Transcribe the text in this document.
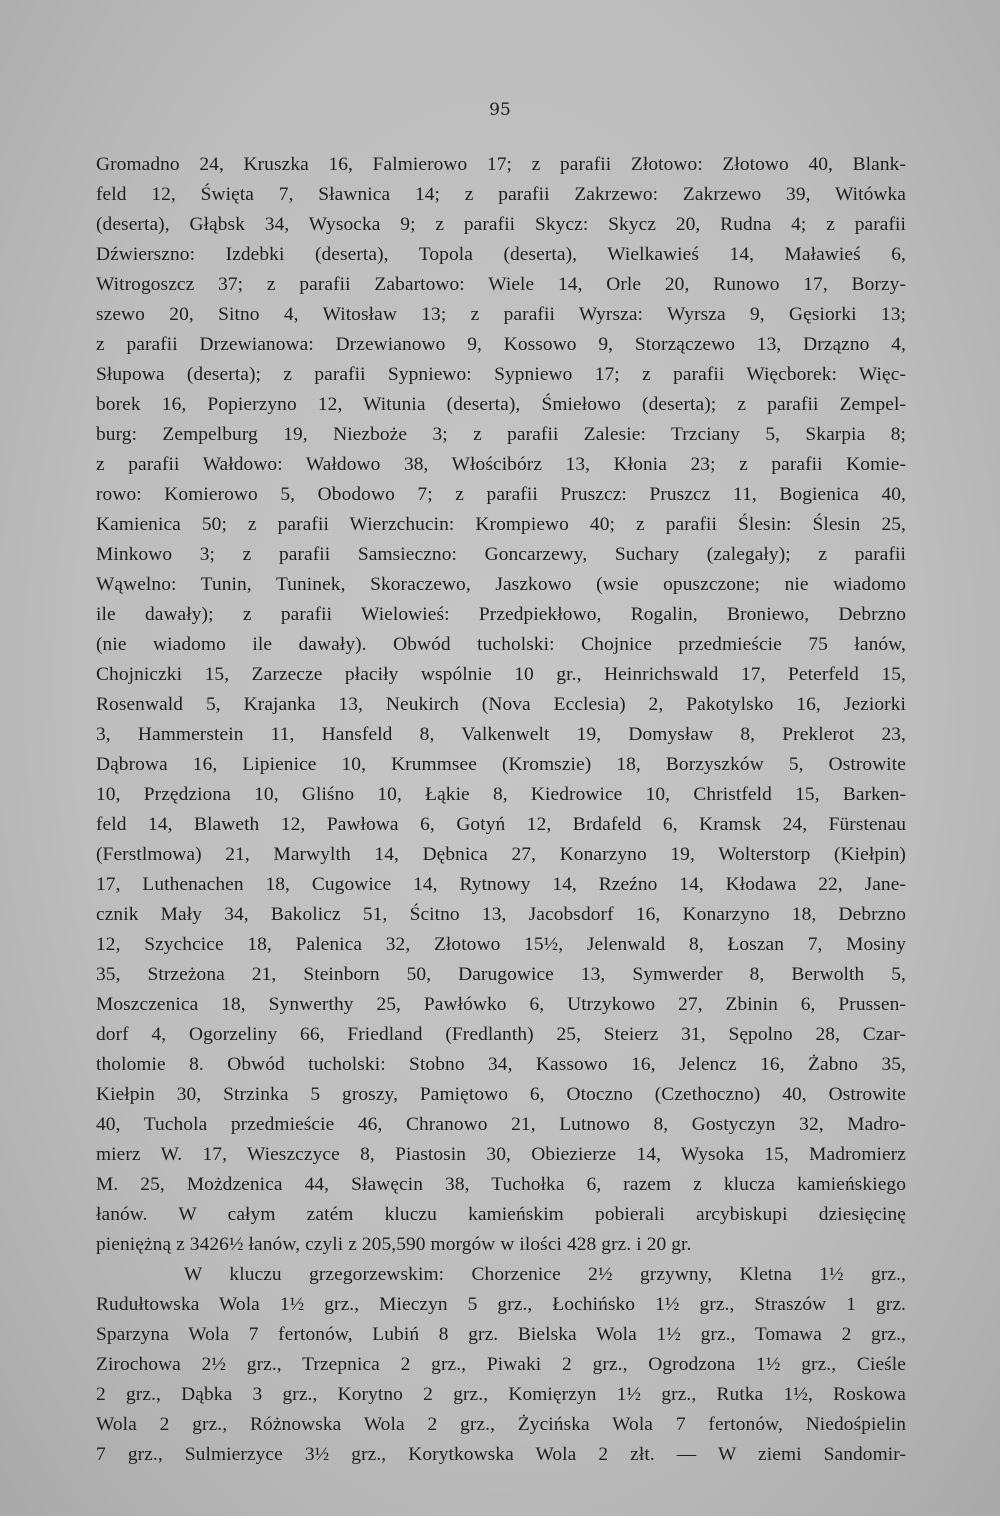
95
Gromadno 24, Kruszka 16, Falmierowo 17; z parafii Złotowo: Złotowo 40, Blank-
feld 12, Święta 7, Sławnica 14; z parafii Zakrzewo: Zakrzewo 39, Witówka
(deserta), Głąbsk 34, Wysocka 9; z parafii Skycz: Skycz 20, Rudna 4; z parafii
Dźwierszno: Izdebki (deserta), Topola (deserta), Wielkawieś 14, Maławieś 6,
Witrogoszcz 37; z parafii Zabartowo: Wiele 14, Orle 20, Runowo 17, Borzy-
szewo 20, Sitno 4, Witosław 13; z parafii Wyrsza: Wyrsza 9, Gęsiorki 13;
z parafii Drzewianowa: Drzewianowo 9, Kossowo 9, Storzączewo 13, Drzązno 4,
Słupowa (deserta); z parafii Sypniewo: Sypniewo 17; z parafii Więcborek: Więc-
borek 16, Popierzyno 12, Witunia (deserta), Śmiełowo (deserta); z parafii Zempel-
burg: Zempelburg 19, Niezboże 3; z parafii Zalesie: Trzciany 5, Skarpia 8;
z parafii Wałdowo: Wałdowo 38, Włościbórz 13, Kłonia 23; z parafii Komie-
rowo: Komierowo 5, Obodowo 7; z parafii Pruszcz: Pruszcz 11, Bogienica 40,
Kamienica 50; z parafii Wierzchucin: Krompiewo 40; z parafii Ślesin: Ślesin 25,
Minkowo 3; z parafii Samsieczno: Goncarzewy, Suchary (zalegały); z parafii
Wąwelno: Tunin, Tuninek, Skoraczewo, Jaszkowo (wsie opuszczone; nie wiadomo
ile dawały); z parafii Wielowieś: Przedpiekłowo, Rogalin, Broniewo, Debrzno
(nie wiadomo ile dawały). Obwód tucholski: Chojnice przedmieście 75 łanów,
Chojniczki 15, Zarzecze płaciły wspólnie 10 gr., Heinrichswald 17, Peterfeld 15,
Rosenwald 5, Krajanka 13, Neukirch (Nova Ecclesia) 2, Pakotylsko 16, Jeziorki
3, Hammerstein 11, Hansfeld 8, Valkenwelt 19, Domysław 8, Preklerot 23,
Dąbrowa 16, Lipienice 10, Krummsee (Kromszie) 18, Borzyszków 5, Ostrowite
10, Przędziona 10, Gliśno 10, Łąkie 8, Kiedrowice 10, Christfeld 15, Barken-
feld 14, Blaweth 12, Pawłowa 6, Gotyń 12, Brdafeld 6, Kramsk 24, Fürstenau
(Ferstlmowa) 21, Marwylth 14, Dębnica 27, Konarzyno 19, Wolterstorp (Kiełpin)
17, Luthenachen 18, Cugowice 14, Rytnowy 14, Rzeźno 14, Kłodawa 22, Jane-
cznik Mały 34, Bakolicz 51, Ścitno 13, Jacobsdorf 16, Konarzyno 18, Debrzno
12, Szychcice 18, Palenica 32, Złotowo 15½, Jelenwald 8, Łoszan 7, Mosiny
35, Strzeżona 21, Steinborn 50, Darugowice 13, Symwerder 8, Berwolth 5,
Moszczenica 18, Synwerthy 25, Pawłówko 6, Utrzykowo 27, Zbinin 6, Prussen-
dorf 4, Ogorzeliny 66, Friedland (Fredlanth) 25, Steierz 31, Sępolno 28, Czar-
tholomie 8. Obwód tucholski: Stobno 34, Kassowo 16, Jelencz 16, Żabno 35,
Kiełpin 30, Strzinka 5 groszy, Pamiętowo 6, Otoczno (Czethoczno) 40, Ostrowite
40, Tuchola przedmieście 46, Chranowo 21, Lutnowo 8, Gostyczyn 32, Madro-
mierz W. 17, Wieszczyce 8, Piastosin 30, Obiezierze 14, Wysoka 15, Madromierz
M. 25, Możdzenica 44, Sławęcin 38, Tuchołka 6, razem z klucza kamieńskiego
łanów. W całym zatém kluczu kamieńskim pobierali arcybiskupi dziesięcinę
pieniężną z 3426½ łanów, czyli z 205,590 morgów w ilości 428 grz. i 20 gr.
W kluczu grzegorzewskim: Chorzenice 2½ grzywny, Kletna 1½ grz.,
Rudułtowska Wola 1½ grz., Mieczyn 5 grz., Łochińsko 1½ grz., Straszów 1 grz.
Sparzyna Wola 7 fertonów, Lubiń 8 grz. Bielska Wola 1½ grz., Tomawa 2 grz.,
Zirochowa 2½ grz., Trzepnica 2 grz., Piwaki 2 grz., Ogrodzona 1½ grz., Cieśle
2 grz., Dąbka 3 grz., Korytno 2 grz., Komięrzyn 1½ grz., Rutka 1½, Roskowa
Wola 2 grz., Różnowska Wola 2 grz., Życińska Wola 7 fertonów, Niedośpielin
7 grz., Sulmierzyce 3½ grz., Korytkowska Wola 2 złt. — W ziemi Sandomir-
